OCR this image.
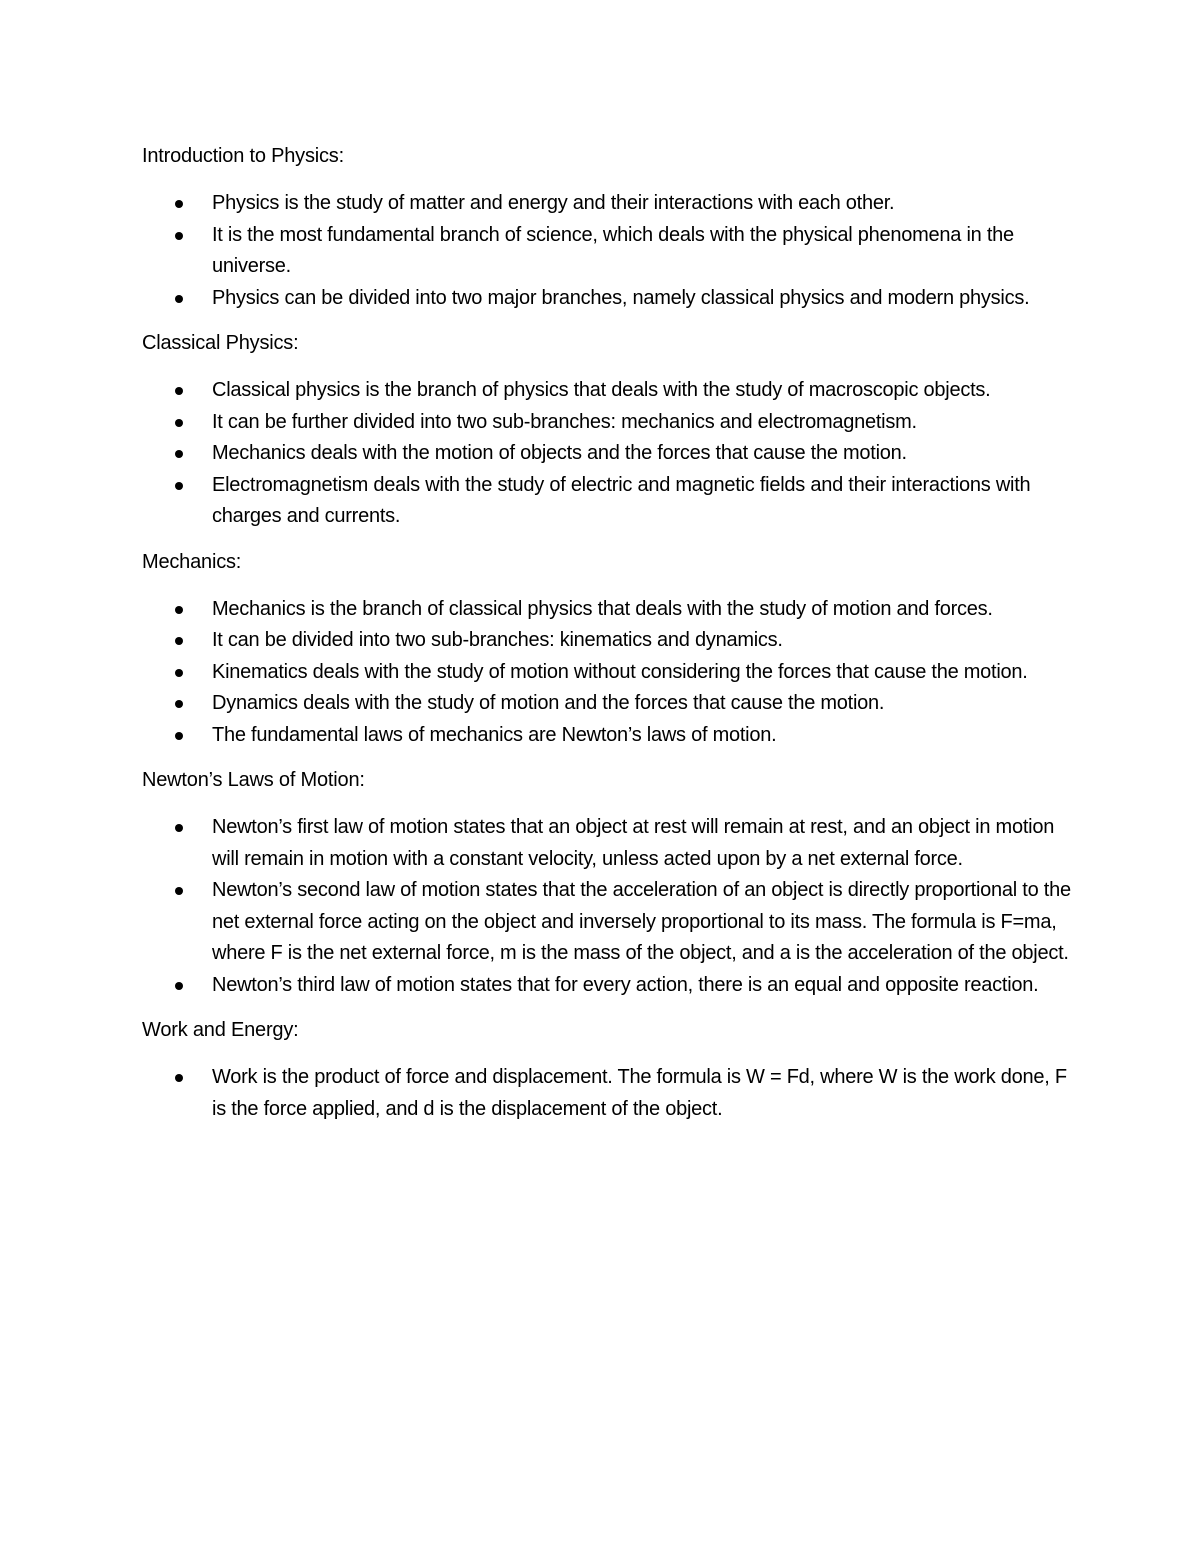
Introduction to Physics:
Physics is the study of matter and energy and their interactions with each other.
It is the most fundamental branch of science, which deals with the physical phenomena in the universe.
Physics can be divided into two major branches, namely classical physics and modern physics.
Classical Physics:
Classical physics is the branch of physics that deals with the study of macroscopic objects.
It can be further divided into two sub-branches: mechanics and electromagnetism.
Mechanics deals with the motion of objects and the forces that cause the motion.
Electromagnetism deals with the study of electric and magnetic fields and their interactions with charges and currents.
Mechanics:
Mechanics is the branch of classical physics that deals with the study of motion and forces.
It can be divided into two sub-branches: kinematics and dynamics.
Kinematics deals with the study of motion without considering the forces that cause the motion.
Dynamics deals with the study of motion and the forces that cause the motion.
The fundamental laws of mechanics are Newton’s laws of motion.
Newton’s Laws of Motion:
Newton’s first law of motion states that an object at rest will remain at rest, and an object in motion will remain in motion with a constant velocity, unless acted upon by a net external force.
Newton’s second law of motion states that the acceleration of an object is directly proportional to the net external force acting on the object and inversely proportional to its mass. The formula is F=ma, where F is the net external force, m is the mass of the object, and a is the acceleration of the object.
Newton’s third law of motion states that for every action, there is an equal and opposite reaction.
Work and Energy:
Work is the product of force and displacement. The formula is W = Fd, where W is the work done, F is the force applied, and d is the displacement of the object.
